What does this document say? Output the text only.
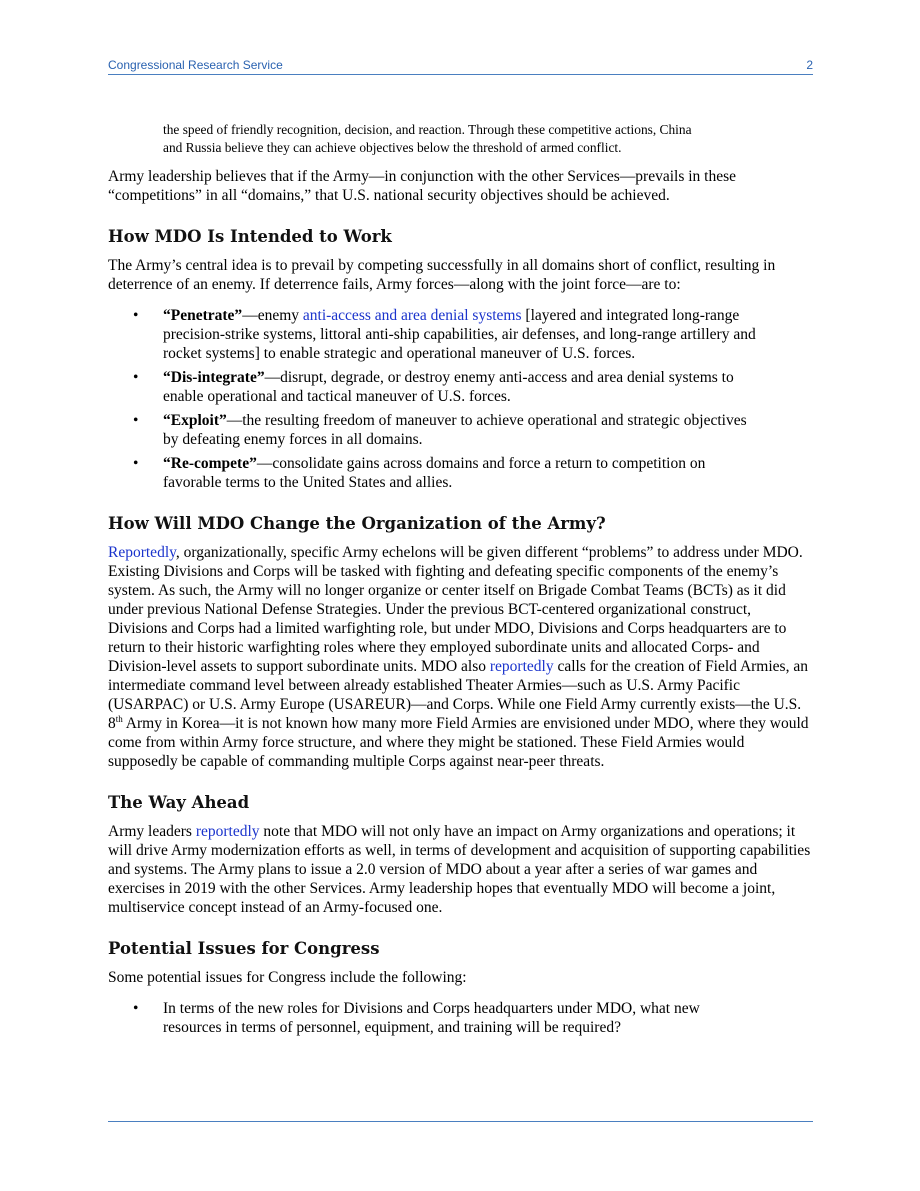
Congressional Research Service	2
the speed of friendly recognition, decision, and reaction. Through these competitive actions, China
and Russia believe they can achieve objectives below the threshold of armed conflict.

Army leadership believes that if the Army—in conjunction with the other Services—prevails in these “competitions” in all “domains,” that U.S. national security objectives should be achieved.

How MDO Is Intended to Work

The Army’s central idea is to prevail by competing successfully in all domains short of conflict, resulting in deterrence of an enemy. If deterrence fails, Army forces—along with the joint force—are to:

• “Penetrate”—enemy anti-access and area denial systems [layered and integrated long-range precision-strike systems, littoral anti-ship capabilities, air defenses, and long-range artillery and rocket systems] to enable strategic and operational maneuver of U.S. forces.
• “Dis-integrate”—disrupt, degrade, or destroy enemy anti-access and area denial systems to enable operational and tactical maneuver of U.S. forces.
• “Exploit”—the resulting freedom of maneuver to achieve operational and strategic objectives by defeating enemy forces in all domains.
• “Re-compete”—consolidate gains across domains and force a return to competition on favorable terms to the United States and allies.
How Will MDO Change the Organization of the Army?

Reportedly, organizationally, specific Army echelons will be given different “problems” to address under MDO. Existing Divisions and Corps will be tasked with fighting and defeating specific components of the enemy’s system. As such, the Army will no longer organize or center itself on Brigade Combat Teams (BCTs) as it did under previous National Defense Strategies. Under the previous BCT-centered organizational construct, Divisions and Corps had a limited warfighting role, but under MDO, Divisions and Corps headquarters are to return to their historic warfighting roles where they employed subordinate units and allocated Corps- and Division-level assets to support subordinate units. MDO also reportedly calls for the creation of Field Armies, an intermediate command level between already established Theater Armies—such as U.S. Army Pacific (USARPAC) or U.S. Army Europe (USAREUR)—and Corps. While one Field Army currently exists—the U.S. 8th Army in Korea—it is not known how many more Field Armies are envisioned under MDO, where they would come from within Army force structure, and where they might be stationed. These Field Armies would supposedly be capable of commanding multiple Corps against near-peer threats.

The Way Ahead

Army leaders reportedly note that MDO will not only have an impact on Army organizations and operations; it will drive Army modernization efforts as well, in terms of development and acquisition of supporting capabilities and systems. The Army plans to issue a 2.0 version of MDO about a year after a series of war games and exercises in 2019 with the other Services. Army leadership hopes that eventually MDO will become a joint, multiservice concept instead of an Army-focused one.

Potential Issues for Congress

Some potential issues for Congress include the following:

• In terms of the new roles for Divisions and Corps headquarters under MDO, what new resources in terms of personnel, equipment, and training will be required?
